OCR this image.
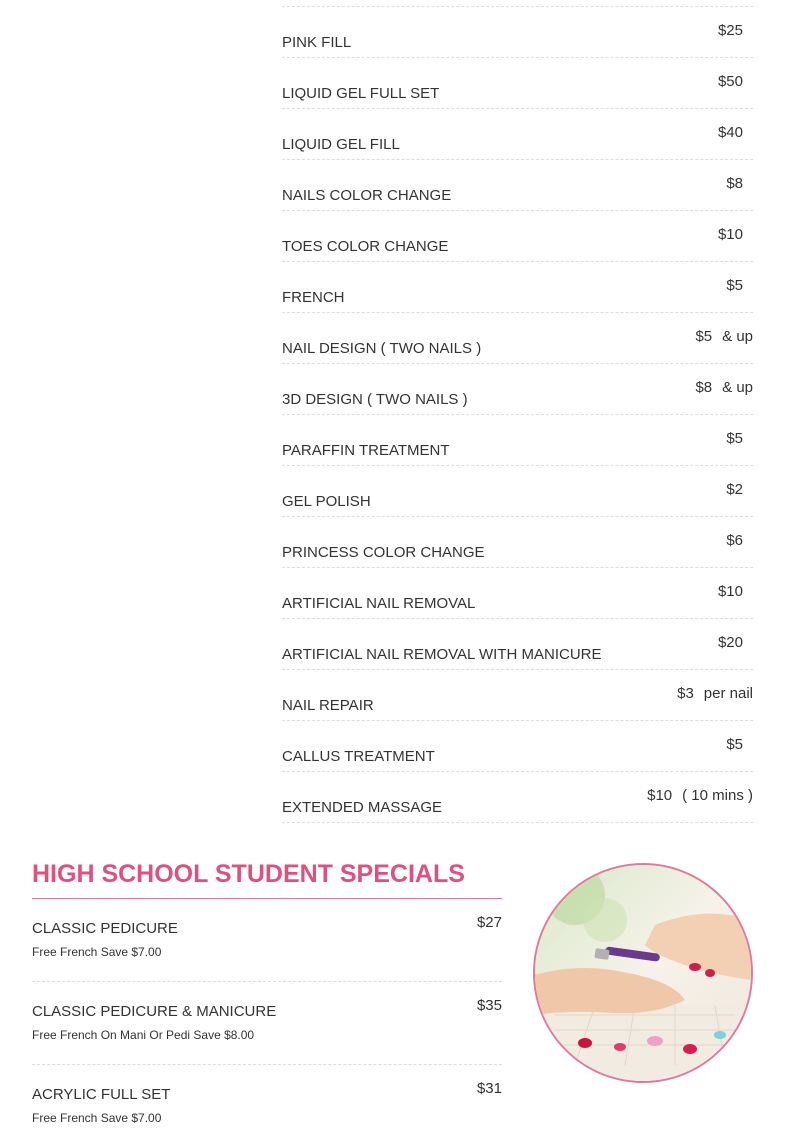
PINK FILL
$25
LIQUID GEL FULL SET
$50
LIQUID GEL FILL
$40
NAILS COLOR CHANGE
$8
TOES COLOR CHANGE
$10
FRENCH
$5
NAIL DESIGN ( TWO NAILS )
$5 & up
3D DESIGN ( TWO NAILS )
$8 & up
PARAFFIN TREATMENT
$5
GEL POLISH
$2
PRINCESS COLOR CHANGE
$6
ARTIFICIAL NAIL REMOVAL
$10
ARTIFICIAL NAIL REMOVAL WITH MANICURE
$20
NAIL REPAIR
$3 per nail
CALLUS TREATMENT
$5
EXTENDED MASSAGE
$10 ( 10 mins )
HIGH SCHOOL STUDENT SPECIALS
CLASSIC PEDICURE
Free French Save $7.00
$27
CLASSIC PEDICURE & MANICURE
Free French On Mani Or Pedi Save $8.00
$35
ACRYLIC FULL SET
Free French Save $7.00
$31
